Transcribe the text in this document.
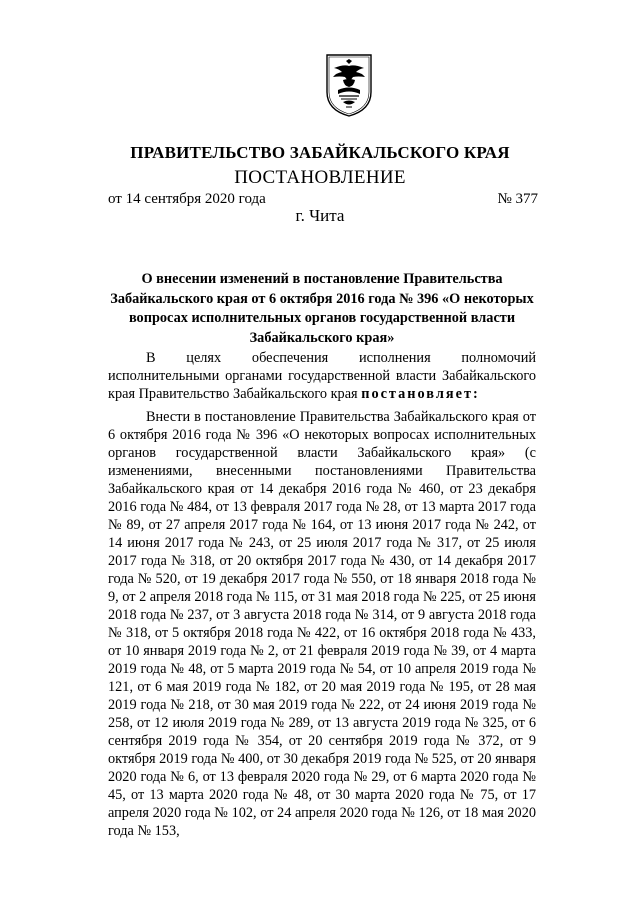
ПРАВИТЕЛЬСТВО ЗАБАЙКАЛЬСКОГО КРАЯ
ПОСТАНОВЛЕНИЕ
от 14 сентября 2020 года	№ 377
г. Чита
О внесении изменений в постановление Правительства Забайкальского края от 6 октября 2016 года № 396 «О некоторых вопросах исполнительных органов государственной власти Забайкальского края»

В целях обеспечения исполнения полномочий исполнительными органами государственной власти Забайкальского края Правительство Забайкальского края постановляет:

Внести в постановление Правительства Забайкальского края от 6 октября 2016 года № 396 «О некоторых вопросах исполнительных органов государственной власти Забайкальского края» (с изменениями, внесенными постановлениями Правительства Забайкальского края от 14 декабря 2016 года № 460, от 23 декабря 2016 года № 484, от 13 февраля 2017 года № 28, от 13 марта 2017 года № 89, от 27 апреля 2017 года № 164, от 13 июня 2017 года № 242, от 14 июня 2017 года № 243, от 25 июля 2017 года № 317, от 25 июля 2017 года № 318, от 20 октября 2017 года № 430, от 14 декабря 2017 года № 520, от 19 декабря 2017 года № 550, от 18 января 2018 года № 9, от 2 апреля 2018 года № 115, от 31 мая 2018 года № 225, от 25 июня 2018 года № 237, от 3 августа 2018 года № 314, от 9 августа 2018 года № 318, от 5 октября 2018 года № 422, от 16 октября 2018 года № 433, от 10 января 2019 года № 2, от 21 февраля 2019 года № 39, от 4 марта 2019 года № 48, от 5 марта 2019 года № 54, от 10 апреля 2019 года № 121, от 6 мая 2019 года № 182, от 20 мая 2019 года № 195, от 28 мая 2019 года № 218, от 30 мая 2019 года № 222, от 24 июня 2019 года № 258, от 12 июля 2019 года № 289, от 13 августа 2019 года № 325, от 6 сентября 2019 года № 354, от 20 сентября 2019 года № 372, от 9 октября 2019 года № 400, от 30 декабря 2019 года № 525, от 20 января 2020 года № 6, от 13 февраля 2020 года № 29, от 6 марта 2020 года № 45, от 13 марта 2020 года № 48, от 30 марта 2020 года № 75, от 17 апреля 2020 года № 102, от 24 апреля 2020 года № 126, от 18 мая 2020 года № 153,
